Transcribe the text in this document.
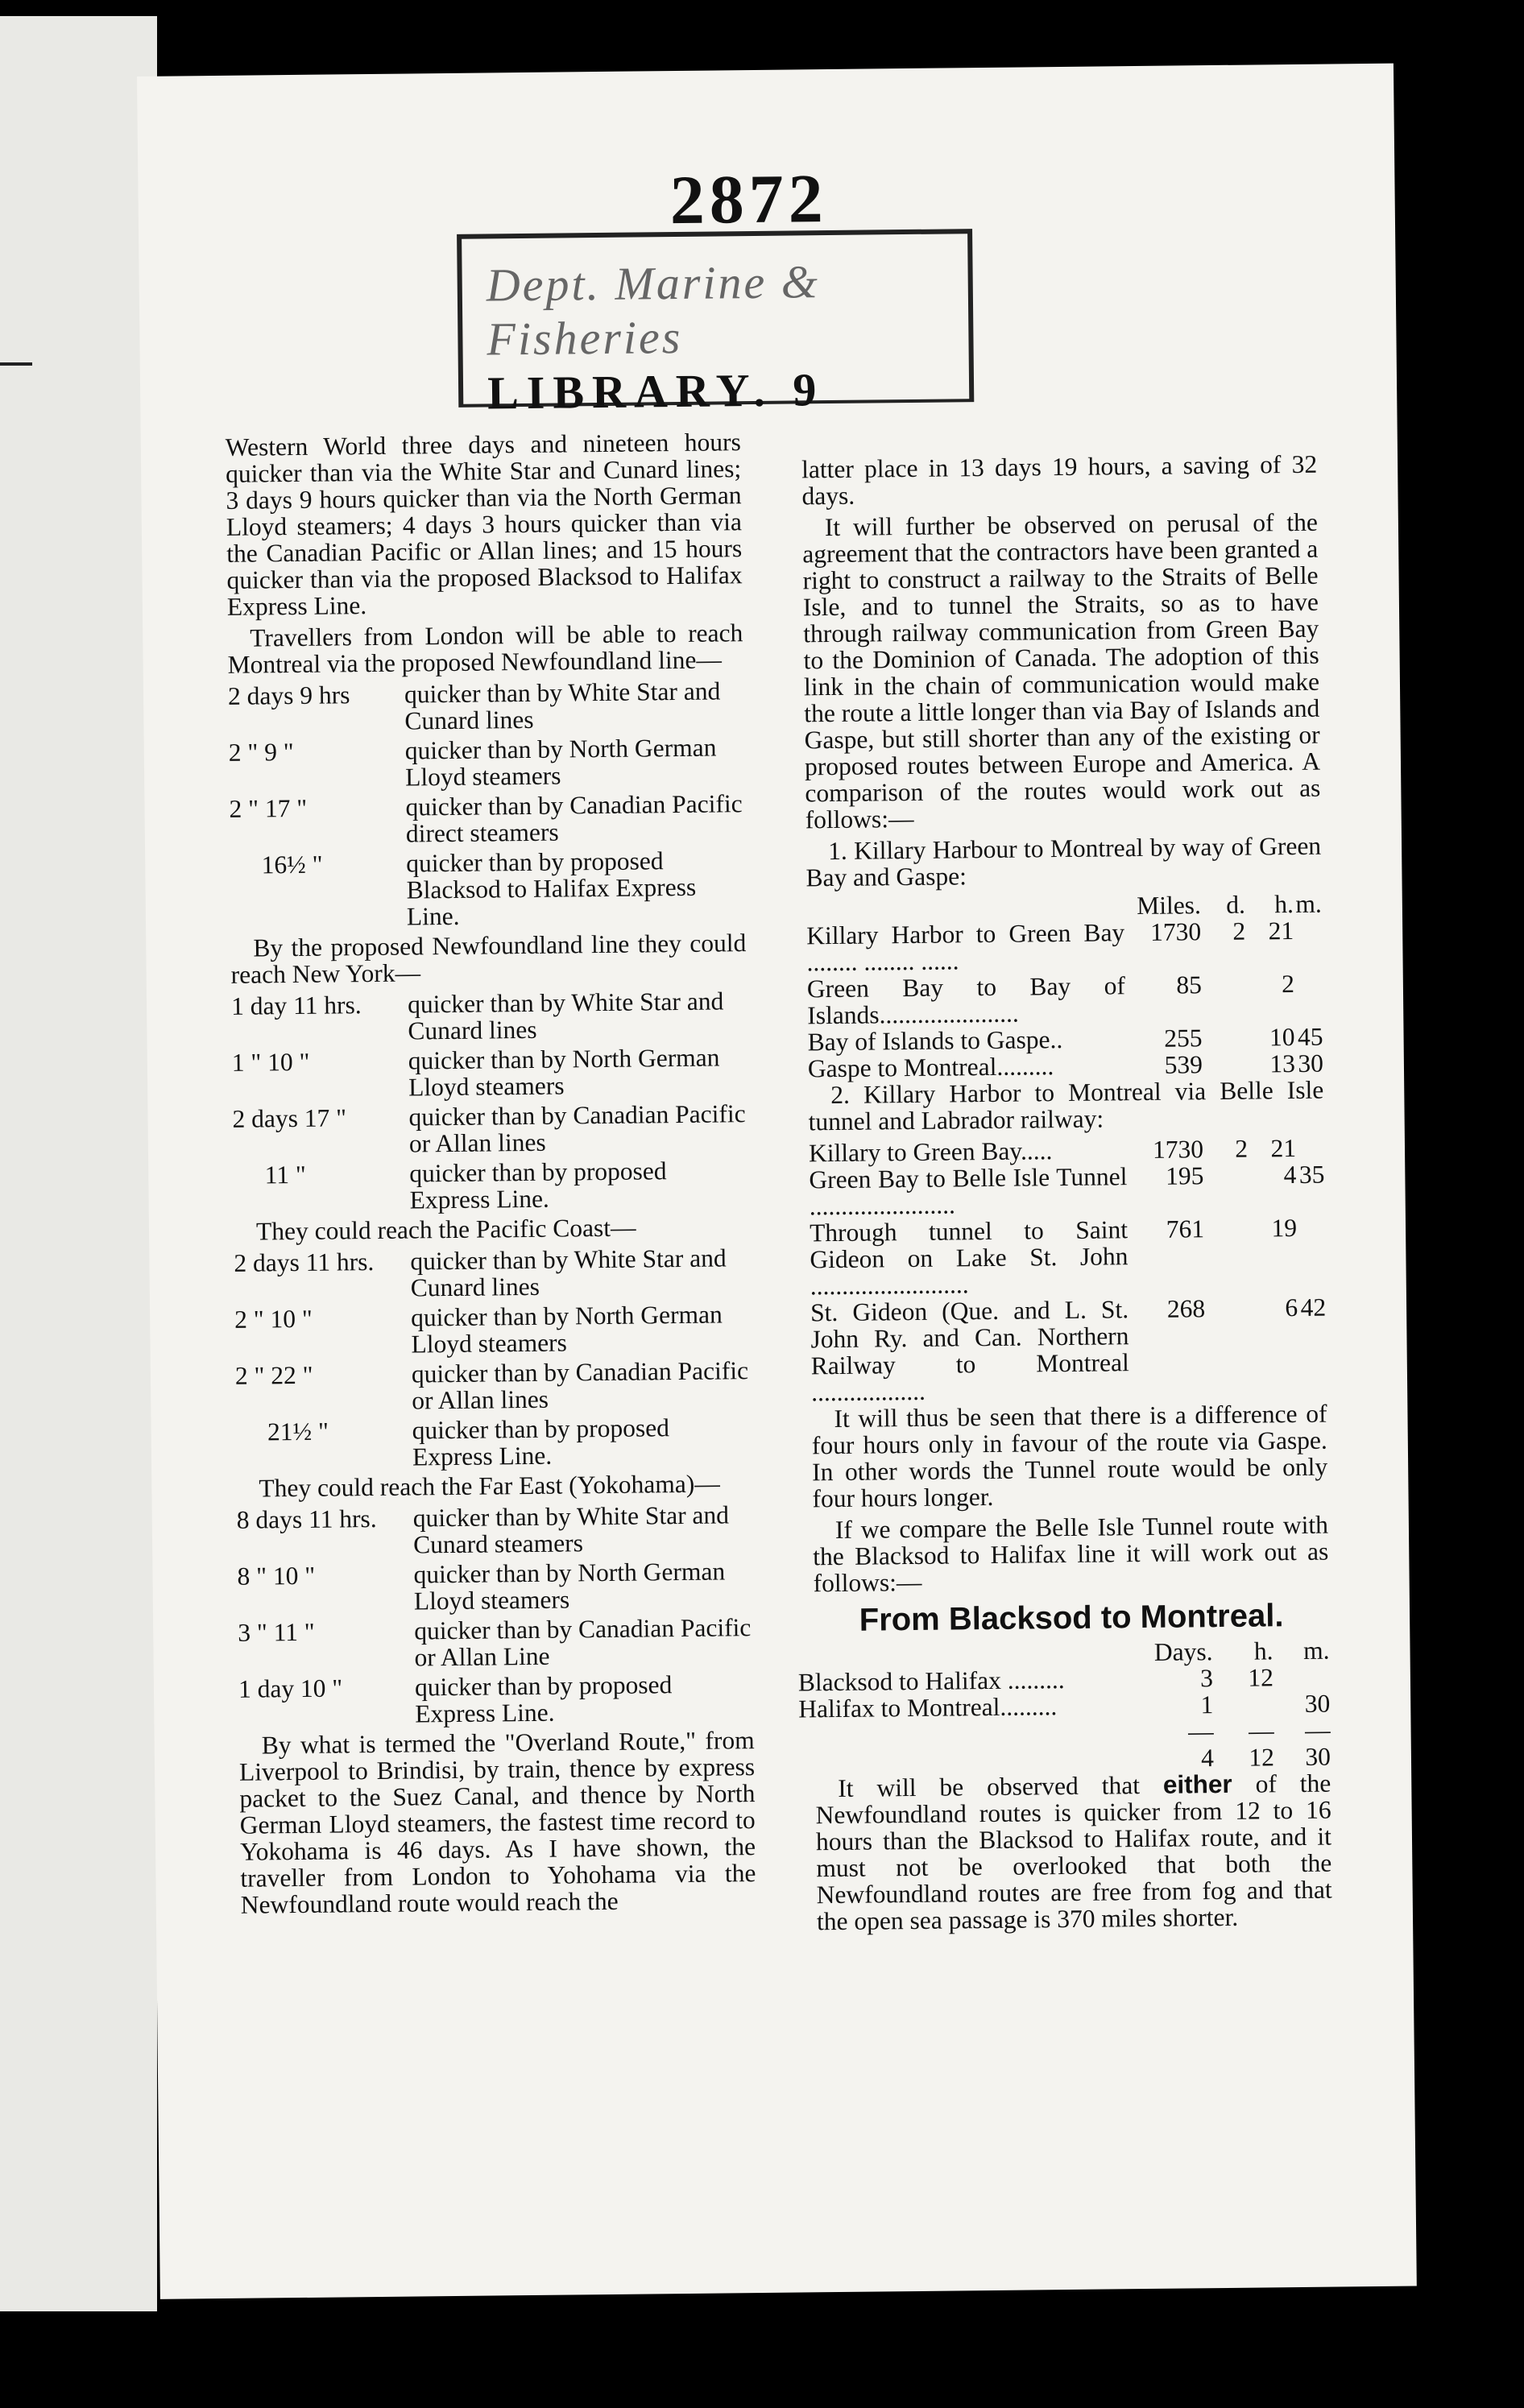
2872
Dept. Marine & Fisheries
LIBRARY. 9

Western World three days and nineteen hours quicker than via the White Star and Cunard lines; 3 days 9 hours quicker than via the North German Lloyd steamers; 4 days 3 hours quicker than via the Canadian Pacific or Allan lines; and 15 hours quicker than via the proposed Blacksod to Halifax Express Line.

Travellers from London will be able to reach Montreal via the proposed Newfoundland line—

2 days 9 hrs	quicker than by White Star and Cunard lines
2 " 9 "	quicker than by North German Lloyd steamers
2 " 17 "	quicker than by Canadian Pacific direct steamers
16½ "	quicker than by proposed Blacksod to Halifax Express Line.

By the proposed Newfoundland line they could reach New York—

1 day 11 hrs.	quicker than by White Star and Cunard lines
1 " 10 "	quicker than by North German Lloyd steamers
2 days 17 "	quicker than by Canadian Pacific or Allan lines
11 "	quicker than by proposed Express Line.

They could reach the Pacific Coast—

2 days 11 hrs.	quicker than by White Star and Cunard lines
2 " 10 "	quicker than by North German Lloyd steamers
2 " 22 "	quicker than by Canadian Pacific or Allan lines
21½ "	quicker than by proposed Express Line.

They could reach the Far East (Yokohama)—

8 days 11 hrs.	quicker than by White Star and Cunard steamers
8 " 10 "	quicker than by North German Lloyd steamers
3 " 11 "	quicker than by Canadian Pacific or Allan Line
1 day 10 "	quicker than by proposed Express Line.

By what is termed the "Overland Route," from Liverpool to Brindisi, by train, thence by express packet to the Suez Canal, and thence by North German Lloyd steamers, the fastest time record to Yokohama is 46 days. As I have shown, the traveller from London to Yohohama via the Newfoundland route would reach the

latter place in 13 days 19 hours, a saving of 32 days.

It will further be observed on perusal of the agreement that the contractors have been granted a right to construct a railway to the Straits of Belle Isle, and to tunnel the Straits, so as to have through railway communication from Green Bay to the Dominion of Canada. The adoption of this link in the chain of communication would make the route a little longer than via Bay of Islands and Gaspe, but still shorter than any of the existing or proposed routes between Europe and America. A comparison of the routes would work out as follows:—

1. Killary Harbour to Montreal by way of Green Bay and Gaspe:

	Miles.	d.	h.	m.
Killary Harbor to Green Bay ........ ........ ......	1730	2	21	
Green Bay to Bay of Islands......................	85		2	
Bay of Islands to Gaspe..	255		10	45
Gaspe to Montreal.........	539		13	30

2. Killary Harbor to Montreal via Belle Isle tunnel and Labrador railway:

Killary to Green Bay.....	1730	2	21	
Green Bay to Belle Isle Tunnel .......................	195		4	35
Through tunnel to Saint Gideon on Lake St. John .........................	761		19	
St. Gideon (Que. and L. St. John Ry. and Can. Northern Railway to Montreal ..................	268		6	42

It will thus be seen that there is a difference of four hours only in favour of the route via Gaspe. In other words the Tunnel route would be only four hours longer.

If we compare the Belle Isle Tunnel route with the Blacksod to Halifax line it will work out as follows:—

From Blacksod to Montreal.
	Days.	h.	m.
Blacksod to Halifax .........	3	12	
Halifax to Montreal.........	1		30
	—	—	—
	4	12	30

It will be observed that either of the Newfoundland routes is quicker from 12 to 16 hours than the Blacksod to Halifax route, and it must not be overlooked that both the Newfoundland routes are free from fog and that the open sea passage is 370 miles shorter.
